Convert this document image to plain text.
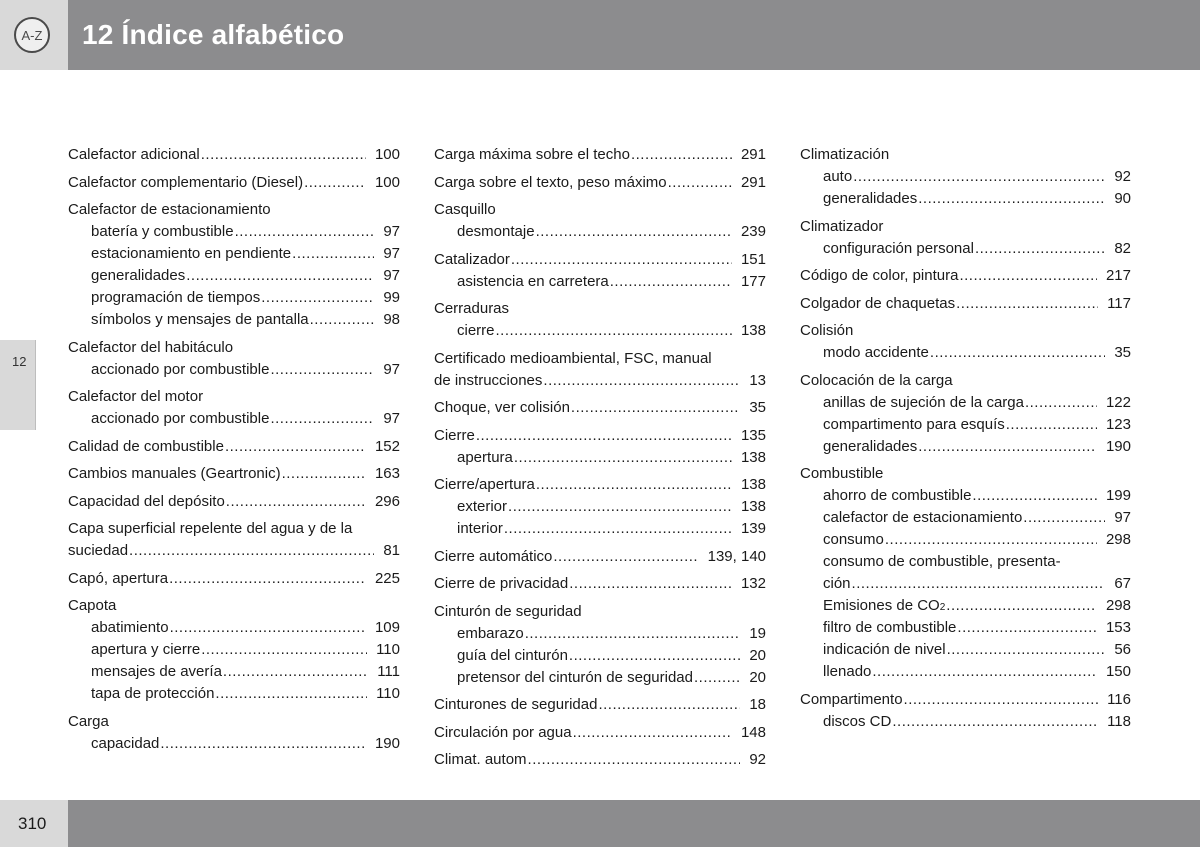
A-Z 12 Índice alfabético
12
Calefactor adicional .....	100
Calefactor complementario (Diesel) .....	100
Calefactor de estacionamiento
batería y combustible .....	97
estacionamiento en pendiente .....	97
generalidades .....	97
programación de tiempos .....	99
símbolos y mensajes de pantalla .....	98
Calefactor del habitáculo
accionado por combustible .....	97
Calefactor del motor
accionado por combustible .....	97
Calidad de combustible .....	152
Cambios manuales (Geartronic) .....	163
Capacidad del depósito .....	296
Capa superficial repelente del agua y de la
suciedad .....	81
Capó, apertura .....	225
Capota
abatimiento .....	109
apertura y cierre .....	110
mensajes de avería .....	111
tapa de protección .....	110
Carga
capacidad .....	190
Carga máxima sobre el techo .....	291
Carga sobre el texto, peso máximo .....	291
Casquillo
desmontaje .....	239
Catalizador .....	151
asistencia en carretera .....	177
Cerraduras
cierre .....	138
Certificado medioambiental, FSC, manual
de instrucciones .....	13
Choque, ver colisión .....	35
Cierre .....	135
apertura .....	138
Cierre/apertura .....	138
exterior .....	138
interior .....	139
Cierre automático .....	139, 140
Cierre de privacidad .....	132
Cinturón de seguridad
embarazo .....	19
guía del cinturón .....	20
pretensor del cinturón de seguridad .....	20
Cinturones de seguridad .....	18
Circulación por agua .....	148
Climat. autom .....	92
Climatización
auto .....	92
generalidades .....	90
Climatizador
configuración personal .....	82
Código de color, pintura .....	217
Colgador de chaquetas .....	117
Colisión
modo accidente .....	35
Colocación de la carga
anillas de sujeción de la carga .....	122
compartimento para esquís .....	123
generalidades .....	190
Combustible
ahorro de combustible .....	199
calefactor de estacionamiento .....	97
consumo .....	298
consumo de combustible, presenta-
ción .....	67
Emisiones de CO 2 .....	298
filtro de combustible .....	153
indicación de nivel .....	56
llenado .....	150
Compartimento .....	116
discos CD .....	118
310
